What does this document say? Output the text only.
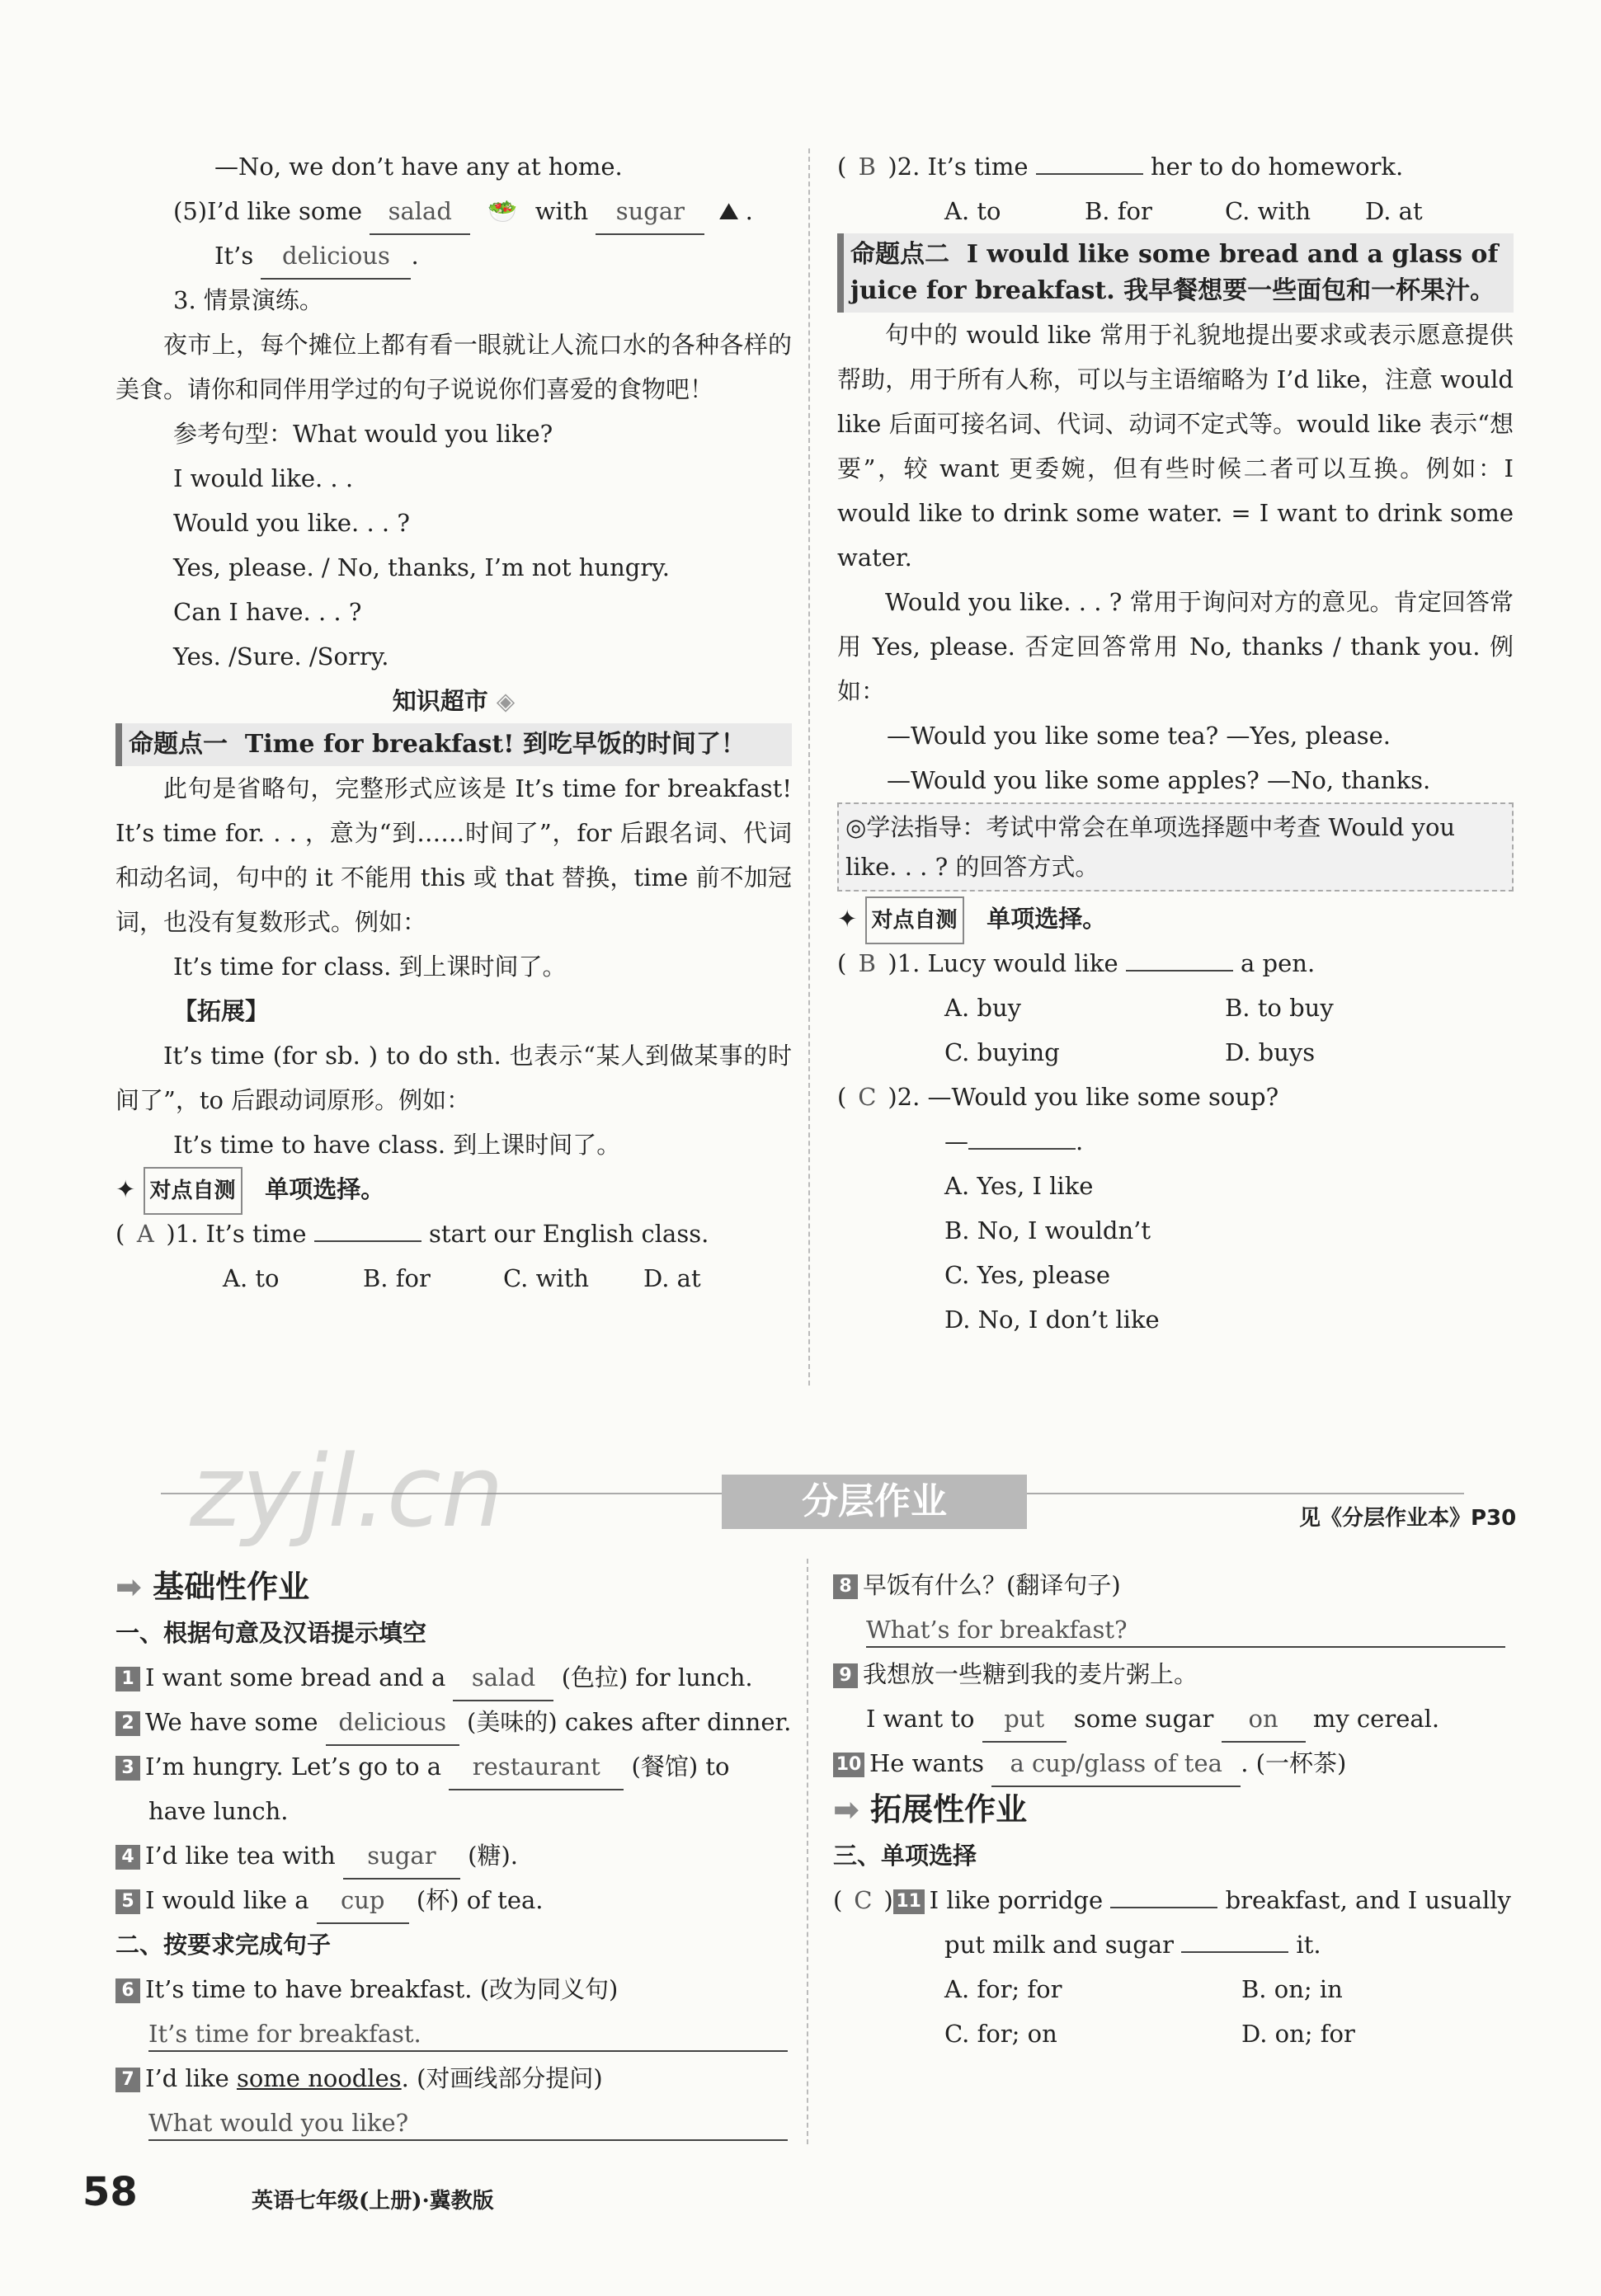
—No, we don’t have any at home.
(5)I’d like some salad 🥗 with sugar ⛰ .
It’s delicious .
3. 情景演练。
夜市上，每个摊位上都有看一眼就让人流口水的各种各样的美食。请你和同伴用学过的句子说说你们喜爱的食物吧！
参考句型：What would you like?
I would like. . .
Would you like. . . ?
Yes, please. / No, thanks, I’m not hungry.
Can I have. . . ?
Yes. /Sure. /Sorry.
知识超市 ◈
命题点一 Time for breakfast! 到吃早饭的时间了！
此句是省略句，完整形式应该是 It’s time for breakfast! It’s time for. . . ，意为“到……时间了”，for 后跟名词、代词和动名词，句中的 it 不能用 this 或 that 替换，time 前不加冠词，也没有复数形式。例如：
It’s time for class. 到上课时间了。
【拓展】
It’s time (for sb. ) to do sth. 也表示“某人到做某事的时间了”，to 后跟动词原形。例如：
It’s time to have class. 到上课时间了。
✦ 对点自测 单项选择。
( A )1. It’s time	start our English class.
A. to	B. for	C. with D. at
( B )2. It’s time	her to do homework.
A. to	B. for	C. with D. at
命题点二 I would like some bread and a glass of juice for breakfast. 我早餐想要一些面包和一杯果汁。
句中的 would like 常用于礼貌地提出要求或表示愿意提供帮助，用于所有人称，可以与主语缩略为 I’d like，注意 would like 后面可接名词、代词、动词不定式等。would like 表示“想要”，较 want 更委婉，但有些时候二者可以互换。例如：I would like to drink some water. = I want to drink some water.
Would you like. . . ? 常用于询问对方的意见。肯定回答常用 Yes, please. 否定回答常用 No, thanks / thank you. 例如：
—Would you like some tea? —Yes, please.
—Would you like some apples? —No, thanks.
◎学法指导：考试中常会在单项选择题中考查 Would you like. . . ? 的回答方式。
✦ 对点自测 单项选择。
( B )1. Lucy would like	a pen.
A. buy	B. to buy
C. buying	D. buys
( C )2. —Would you like some soup?
—	.
A. Yes, I like
B. No, I wouldn’t
C. Yes, please
D. No, I don’t like
zyjl.cn	分层作业	见《分层作业本》P30
➡ 基础性作业
一、根据句意及汉语提示填空
1 I want some bread and a salad (色拉) for lunch.
2 We have some delicious (美味的) cakes after dinner.
3 I’m hungry. Let’s go to a restaurant (餐馆) to
have lunch.
4 I’d like tea with sugar (糖).
5 I would like a cup (杯) of tea.
二、按要求完成句子
6 It’s time to have breakfast. (改为同义句)
It’s time for breakfast.
7 I’d like some noodles. (对画线部分提问)
What would you like?
8 早饭有什么？(翻译句子)
What’s for breakfast?
9 我想放一些糖到我的麦片粥上。
I want to put some sugar on my cereal.
10 He wants a cup/glass of tea . (一杯茶)
➡ 拓展性作业
三、单项选择
( C ) 11 I like porridge	breakfast, and I usually
put milk and sugar	it.
A. for; for	B. on; in
C. for; on	D. on; for
58	英语七年级(上册)·冀教版
